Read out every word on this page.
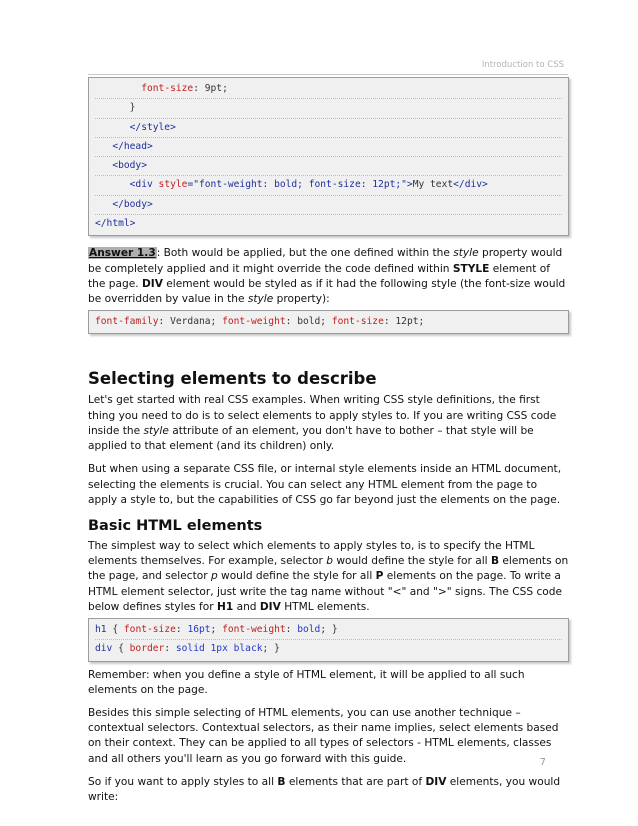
Introduction to CSS
font-size: 9pt;
}
</style>
</head>
<body>
<div style="font-weight: bold; font-size: 12pt;">My text</div>
</body>
</html>

Answer 1.3: Both would be applied, but the one defined within the style property would be completely applied and it might override the code defined within STYLE element of the page. DIV element would be styled as if it had the following style (the font-size would be overridden by value in the style property):

font-family: Verdana; font-weight: bold; font-size: 12pt;
Selecting elements to describe

Let's get started with real CSS examples. When writing CSS style definitions, the first thing you need to do is to select elements to apply styles to. If you are writing CSS code inside the style attribute of an element, you don't have to bother – that style will be applied to that element (and its children) only.

But when using a separate CSS file, or internal style elements inside an HTML document, selecting the elements is crucial. You can select any HTML element from the page to apply a style to, but the capabilities of CSS go far beyond just the elements on the page.

Basic HTML elements

The simplest way to select which elements to apply styles to, is to specify the HTML elements themselves. For example, selector b would define the style for all B elements on the page, and selector p would define the style for all P elements on the page. To write a HTML element selector, just write the tag name without "<" and ">" signs. The CSS code below defines styles for H1 and DIV HTML elements.

h1 { font-size: 16pt; font-weight: bold; }
div { border: solid 1px black; }

Remember: when you define a style of HTML element, it will be applied to all such elements on the page.

Besides this simple selecting of HTML elements, you can use another technique – contextual selectors. Contextual selectors, as their name implies, select elements based on their context. They can be applied to all types of selectors - HTML elements, classes and all others you'll learn as you go forward with this guide.

So if you want to apply styles to all B elements that are part of DIV elements, you would write:

7
